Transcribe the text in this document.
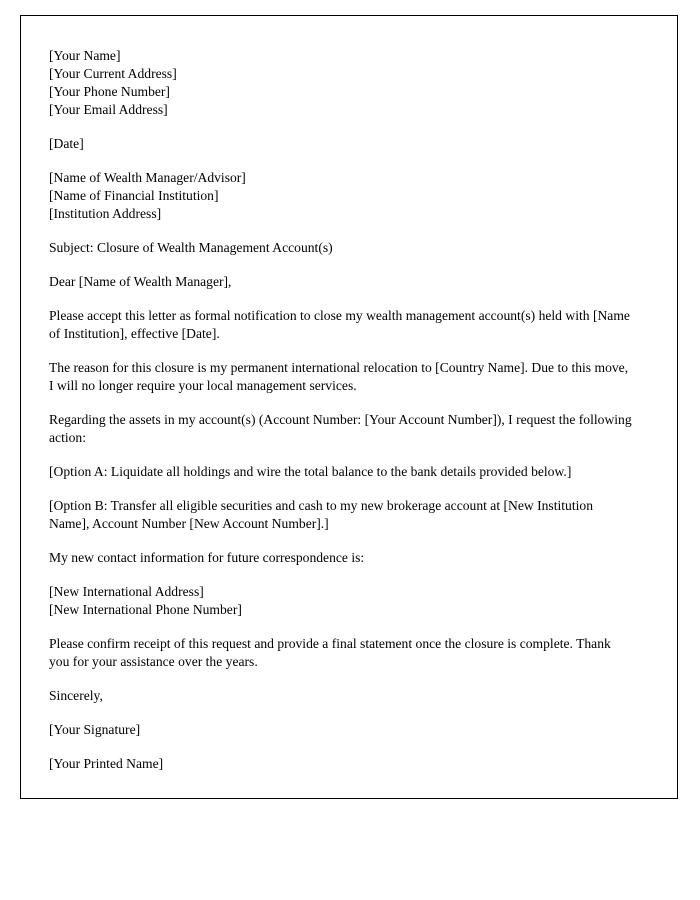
[Your Name]

[Your Current Address]

[Your Phone Number]

[Your Email Address]

[Date]

[Name of Wealth Manager/Advisor]

[Name of Financial Institution]

[Institution Address]

Subject: Closure of Wealth Management Account(s)

Dear [Name of Wealth Manager],

Please accept this letter as formal notification to close my wealth management account(s) held with [Name of Institution], effective [Date].

The reason for this closure is my permanent international relocation to [Country Name]. Due to this move, I will no longer require your local management services.

Regarding the assets in my account(s) (Account Number: [Your Account Number]), I request the following action:

[Option A: Liquidate all holdings and wire the total balance to the bank details provided below.]

[Option B: Transfer all eligible securities and cash to my new brokerage account at [New Institution Name], Account Number [New Account Number].]

My new contact information for future correspondence is:

[New International Address]

[New International Phone Number]

Please confirm receipt of this request and provide a final statement once the closure is complete. Thank you for your assistance over the years.

Sincerely,

[Your Signature]

[Your Printed Name]
